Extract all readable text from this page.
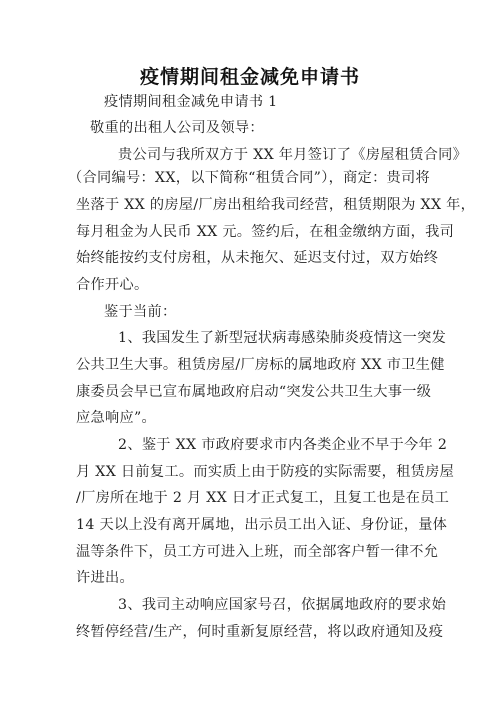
疫情期间租金减免申请书
疫情期间租金减免申请书 1
敬重的出租人公司及领导：
贵公司与我所双方于 XX 年月签订了《房屋租赁合同》
（合同编号：XX，以下简称“租赁合同”），商定：贵司将
坐落于 XX 的房屋/厂房出租给我司经营，租赁期限为 XX 年，
每月租金为人民币 XX 元。签约后，在租金缴纳方面，我司
始终能按约支付房租，从未拖欠、延迟支付过，双方始终
合作开心。
鉴于当前：
1、我国发生了新型冠状病毒感染肺炎疫情这一突发
公共卫生大事。租赁房屋/厂房标的属地政府 XX 市卫生健
康委员会早已宣布属地政府启动“突发公共卫生大事一级
应急响应”。
2、鉴于 XX 市政府要求市内各类企业不早于今年 2
月 XX 日前复工。而实质上由于防疫的实际需要，租赁房屋
/厂房所在地于 2 月 XX 日才正式复工，且复工也是在员工
14 天以上没有离开属地，出示员工出入证、身份证，量体
温等条件下，员工方可进入上班，而全部客户暂一律不允
许进出。
3、我司主动响应国家号召，依据属地政府的要求始
终暂停经营/生产，何时重新复原经营，将以政府通知及疫
